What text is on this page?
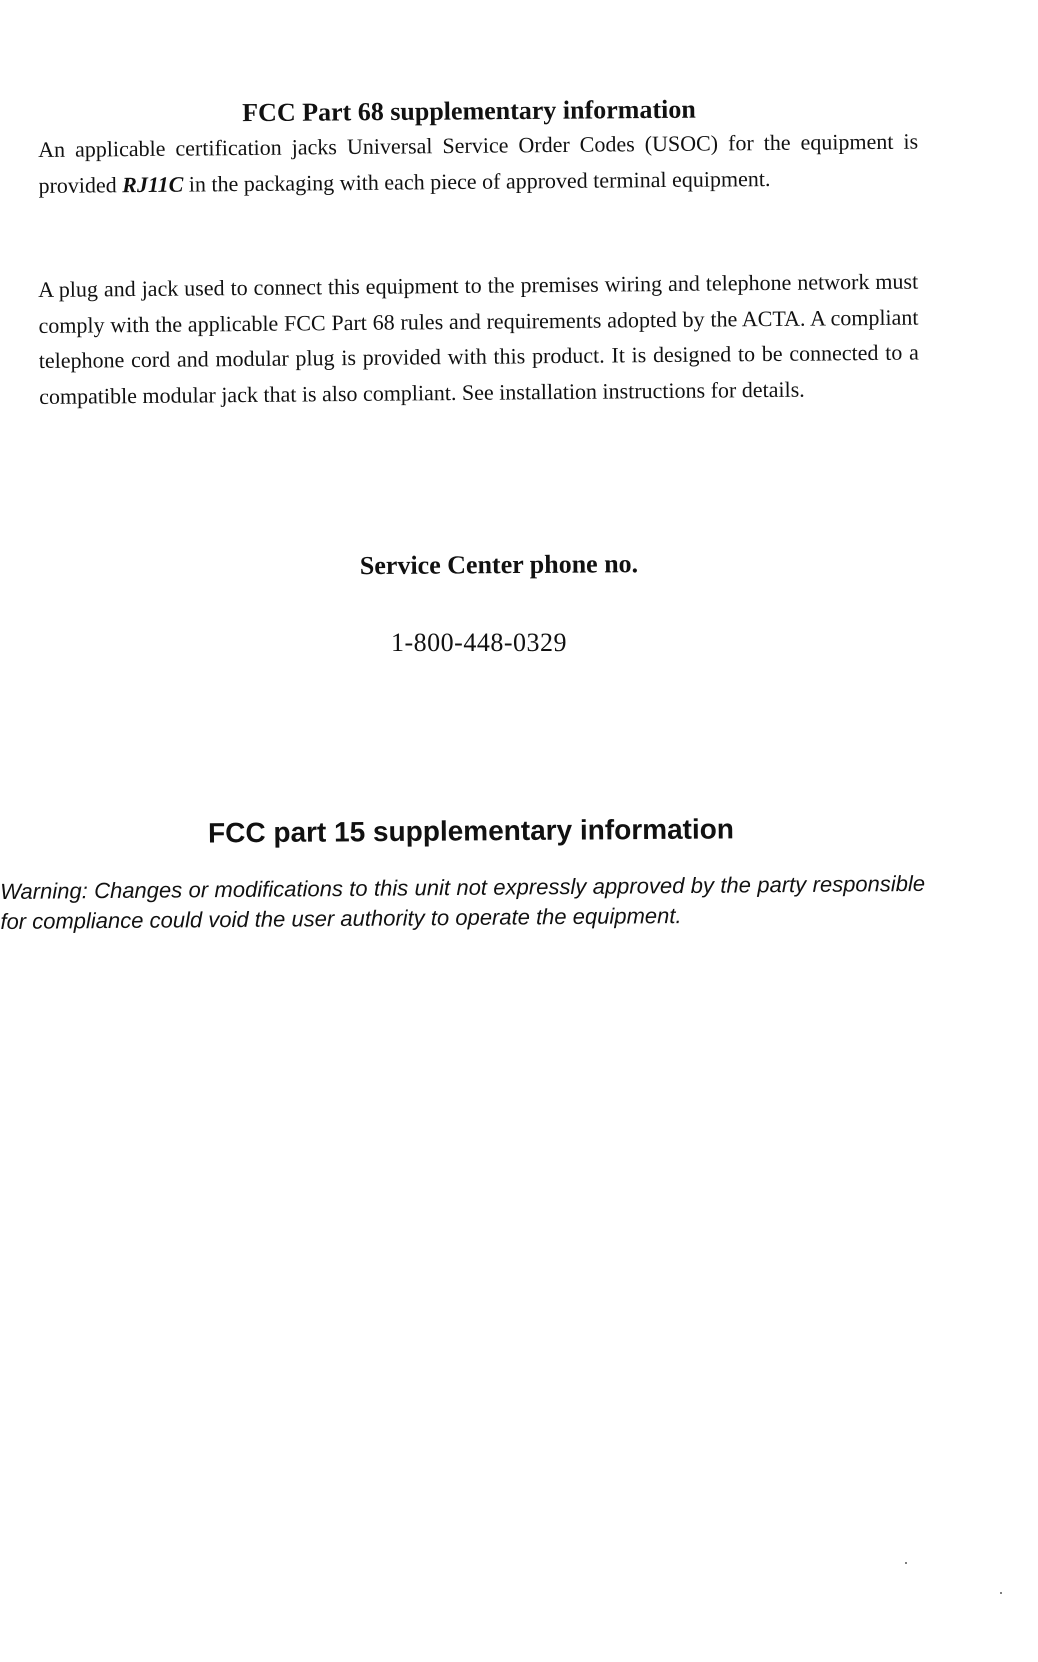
FCC Part 68 supplementary information
An applicable certification jacks Universal Service Order Codes (USOC) for the equipment is provided RJ11C in the packaging with each piece of approved terminal equipment.
A plug and jack used to connect this equipment to the premises wiring and telephone network must comply with the applicable FCC Part 68 rules and requirements adopted by the ACTA. A compliant telephone cord and modular plug is provided with this product. It is designed to be connected to a compatible modular jack that is also compliant. See installation instructions for details.
Service Center phone no.
1-800-448-0329
FCC part 15 supplementary information
Warning: Changes or modifications to this unit not expressly approved by the party responsible for compliance could void the user authority to operate the equipment.
